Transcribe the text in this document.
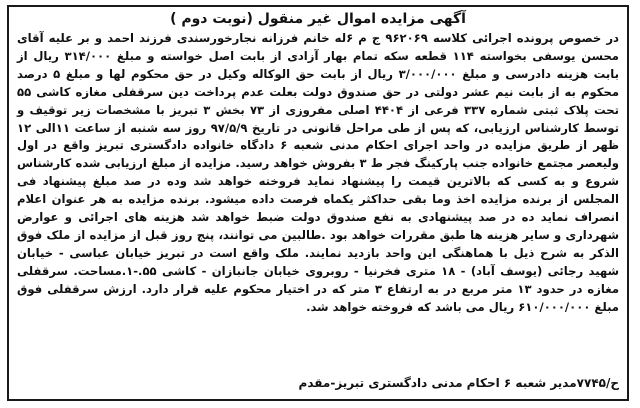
آگهی مزایده اموال غیر منقول (نوبت دوم )

در خصوص پرونده اجرائی کلاسه ۹۶۲۰۶۹ ج م ۶له خانم فرزانه نجارخورسندی فرزند احمد و بر علیه آقای محسن یوسفی بخواسته ۱۱۴ قطعه سکه تمام بهار آزادی از بابت اصل خواسته و مبلغ ۳۱۴/۰۰۰ ریال از بابت هزینه دادرسی و مبلغ ۳/۰۰۰/۰۰۰ ریال از بابت حق الوکاله وکیل در حق محکوم لها و مبلغ ۵ درصد محکوم به از بابت نیم عشر دولتی در حق صندوق دولت بعلت عدم پرداخت دین سرقفلی مغازه کاشی ۵۵ تحت پلاک ثبتی شماره ۳۳۷ فرعی از ۴۴۰۴ اصلی مفروزی از ۷۳ بخش ۳ تبریز با مشخصات زیر توقیف و توسط کارشناس ارزیابی، که پس از طی مراحل قانونی در تاریخ ۹۷/۵/۹ روز سه شنبه از ساعت ۱۱الی ۱۲ ظهر از طریق مزایده در واحد اجرای احکام مدنی شعبه ۶ دادگاه خانواده دادگستری تبریز واقع در اول ولیعصر مجتمع خانواده جنب پارکینگ فجر ط ۳ بفروش خواهد رسید. مزایده از مبلغ ارزیابی شده کارشناس شروع و به کسی که بالاترین قیمت را پیشنهاد نماید فروخته خواهد شد وده در صد مبلغ پیشنهاد فی المجلس از برنده مزایده اخذ وما بقی حداکثر یکماه فرصت داده میشود. برنده مزایده به هر عنوان اعلام انصراف نماید ده در صد پیشنهادی به نفع صندوق دولت ضبط خواهد شد هزینه های اجرائی و عوارض شهرداری و سایر هزینه ها طبق مقررات خواهد بود .طالبین می توانند، پنج روز قبل از مزایده از ملک فوق الذکر به شرح ذیل با هماهنگی این واحد بازدید نمایند. ملک واقع است در تبریز خیابان عباسی - خیابان شهید رجائی (یوسف آباد) - ۱۸ متری فخرنیا - روبروی خیابان جانبازان - کاشی ۵۵.-۱.مساحت. سرقفلی مغازه در حدود ۱۳ متر مربع در به ارتفاع ۳ متر که در اختیار محکوم علیه قرار دارد. ارزش سرقفلی فوق مبلغ ۶۱۰/۰۰۰/۰۰۰ ریال می باشد که فروخته خواهد شد.

ح/۷۷۴۵مدیر شعبه ۶ احکام مدنی دادگستری تبریز-مقدم
